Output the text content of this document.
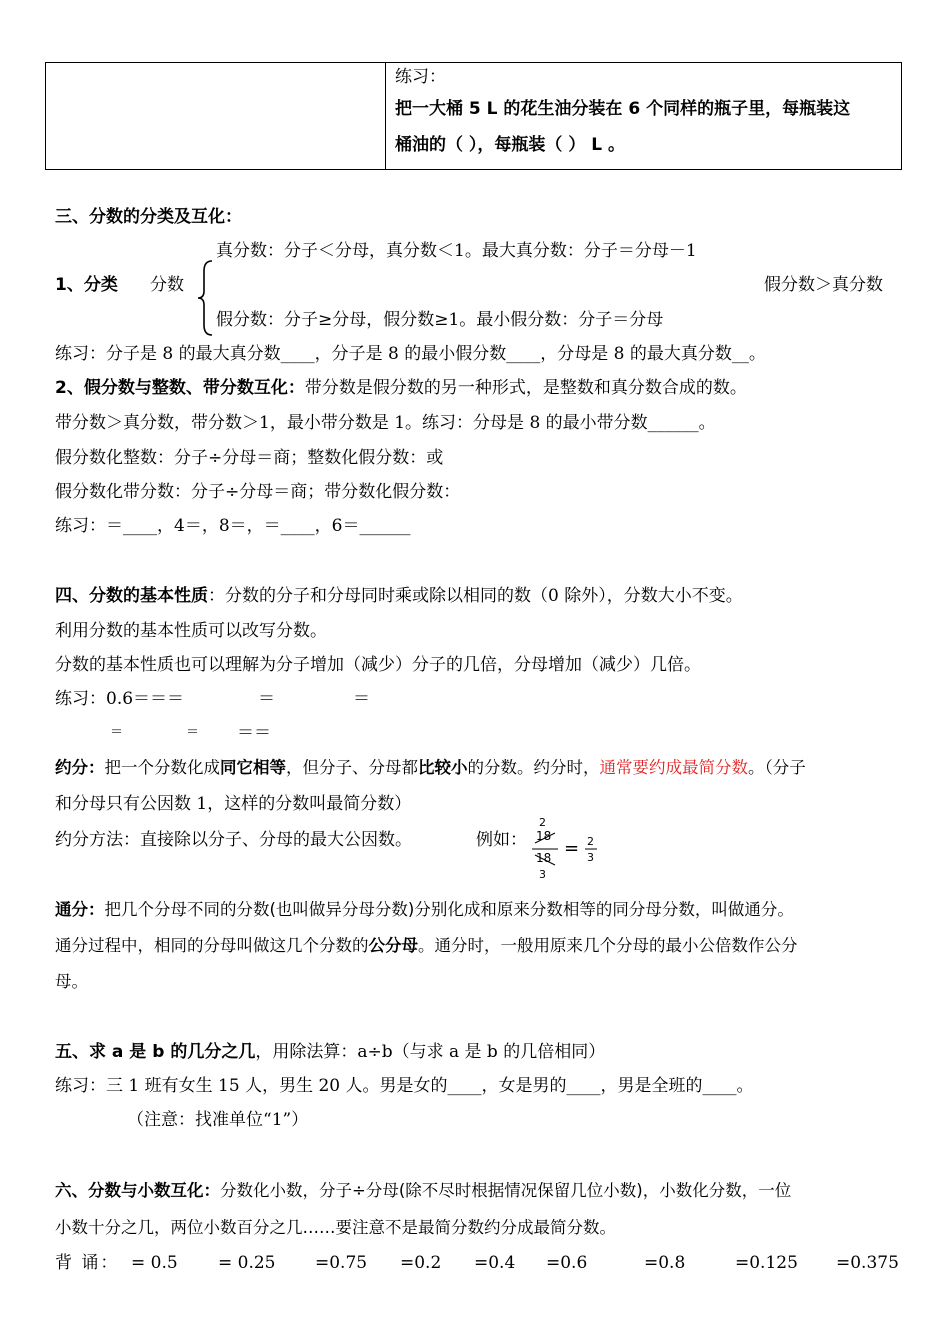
练习：
把一大桶 5 L 的花生油分装在 6 个同样的瓶子里，每瓶装这
桶油的（ ），每瓶装（ ） L 。
三、分数的分类及互化：
真分数：分子＜分母，真分数＜1。最大真分数：分子＝分母－1
1、分类 分数	假分数＞真分数
假分数：分子≥分母，假分数≥1。最小假分数：分子＝分母
练习：分子是 8 的最大真分数____，分子是 8 的最小假分数____，分母是 8 的最大真分数__。
2、假分数与整数、带分数互化：带分数是假分数的另一种形式，是整数和真分数合成的数。
带分数＞真分数，带分数＞1，最小带分数是 1。练习：分母是 8 的最小带分数______。
假分数化整数：分子÷分母＝商；整数化假分数：或
假分数化带分数：分子÷分母＝商；带分数化假分数：
练习：＝____，4＝，8＝，＝____，6＝______
四、分数的基本性质：分数的分子和分母同时乘或除以相同的数（0 除外），分数大小不变。
利用分数的基本性质可以改写分数。
分数的基本性质也可以理解为分子增加（减少）分子的几倍，分母增加（减少）几倍。
练习：0.6＝＝＝	＝	＝
＝	＝ ＝＝
约分：把一个分数化成同它相等，但分子、分母都比较小的分数。约分时，通常要约成最简分数。（分子
和分母只有公因数 1，这样的分数叫最简分数）
约分方法：直接除以分子、分母的最大公因数。	例如：
2
18
18
3
= 2
3
通分：把几个分母不同的分数(也叫做异分母分数)分别化成和原来分数相等的同分母分数，叫做通分。
通分过程中，相同的分母叫做这几个分数的公分母。通分时，一般用原来几个分母的最小公倍数作公分
母。
五、求 a 是 b 的几分之几，用除法算：a÷b（与求 a 是 b 的几倍相同）
练习：三 1 班有女生 15 人，男生 20 人。男是女的____，女是男的____，男是全班的____。
（注意：找准单位“1”）
六、分数与小数互化：分数化小数，分子÷分母(除不尽时根据情况保留几位小数)，小数化分数，一位
小数十分之几，两位小数百分之几……要注意不是最简分数约分成最简分数。
背 诵： = 0.5 = 0.25 =0.75 =0.2 =0.4 =0.6	=0.8	=0.125 =0.375
